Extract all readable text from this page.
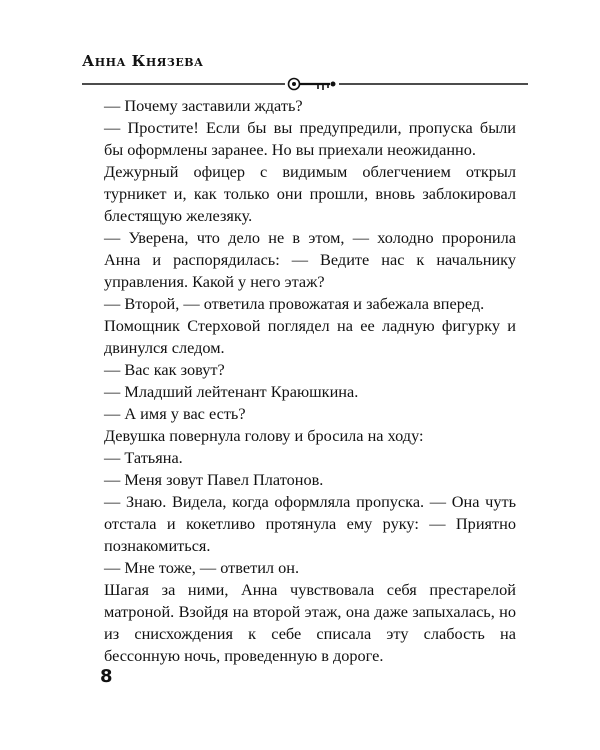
Анна Князева

— Почему заставили ждать?

— Простите! Если бы вы предупредили, пропуска были бы оформлены заранее. Но вы приехали неожиданно.

Дежурный офицер с видимым облегчением открыл турникет и, как только они прошли, вновь заблокировал блестящую железяку.

— Уверена, что дело не в этом, — холодно проронила Анна и распорядилась: — Ведите нас к начальнику управления. Какой у него этаж?

— Второй, — ответила провожатая и забежала вперед.

Помощник Стерховой поглядел на ее ладную фигурку и двинулся следом.

— Вас как зовут?

— Младший лейтенант Краюшкина.

— А имя у вас есть?

Девушка повернула голову и бросила на ходу:

— Татьяна.

— Меня зовут Павел Платонов.

— Знаю. Видела, когда оформляла пропуска. — Она чуть отстала и кокетливо протянула ему руку: — Приятно познакомиться.

— Мне тоже, — ответил он.

Шагая за ними, Анна чувствовала себя престарелой матроной. Взойдя на второй этаж, она даже запыхалась, но из снисхождения к себе списала эту слабость на бессонную ночь, проведенную в дороге.

8
